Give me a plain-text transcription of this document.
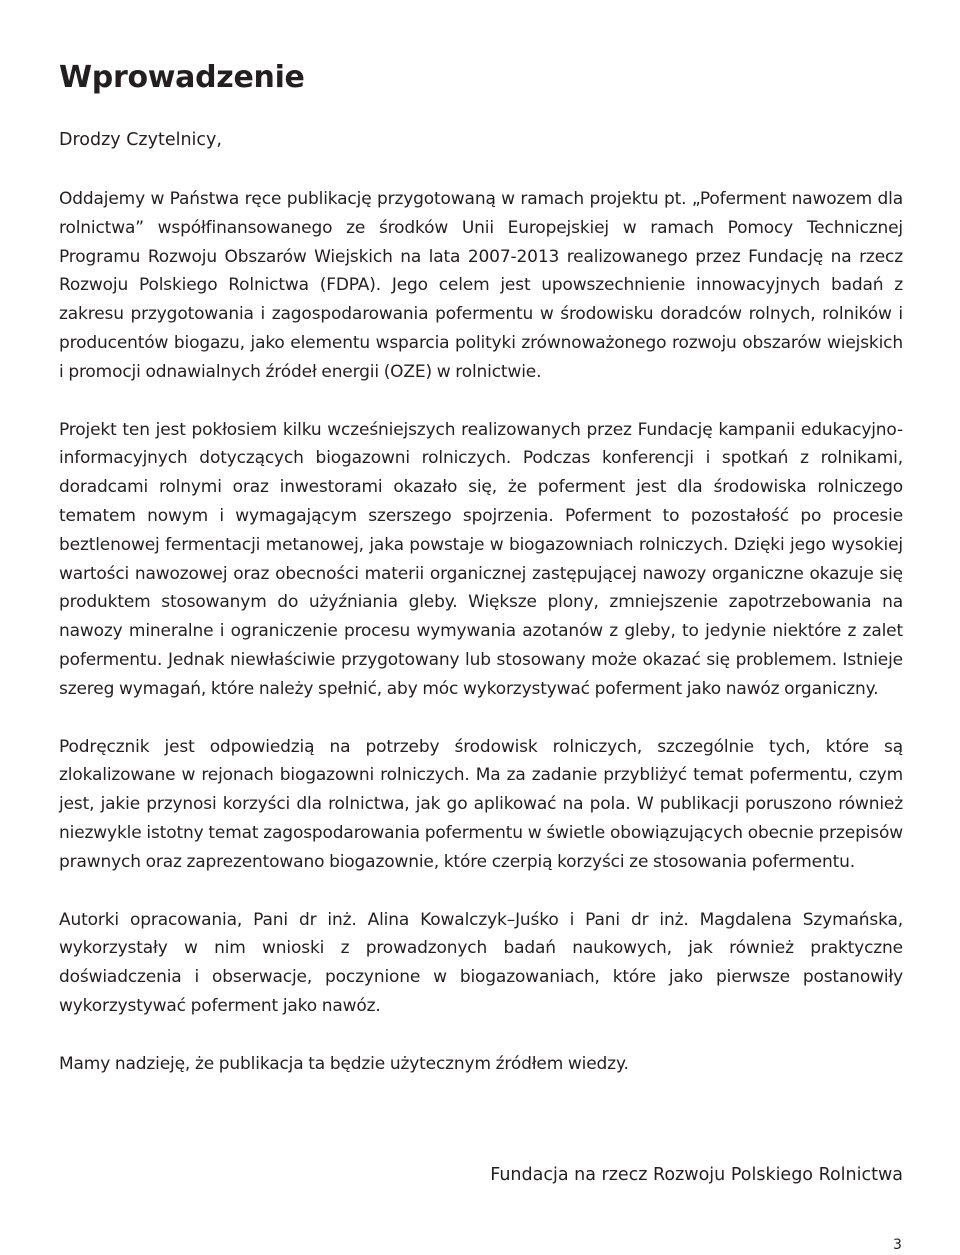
Wprowadzenie

Drodzy Czytelnicy,

Oddajemy w Państwa ręce publikację przygotowaną w ramach projektu pt. „Poferment nawozem dla rolnictwa” współfinansowanego ze środków Unii Europejskiej w ramach Pomocy Technicznej Programu Rozwoju Obszarów Wiejskich na lata 2007-2013 realizowanego przez Fundację na rzecz Rozwoju Polskiego Rolnictwa (FDPA). Jego celem jest upowszechnienie innowacyjnych badań z zakresu przygotowania i zagospodarowania pofermentu w środowisku doradców rolnych, rolników i producentów biogazu, jako elementu wsparcia polityki zrównoważonego rozwoju obszarów wiejskich i promocji odnawialnych źródeł energii (OZE) w rolnictwie.

Projekt ten jest pokłosiem kilku wcześniejszych realizowanych przez Fundację kampanii edukacyjno-informacyjnych dotyczących biogazowni rolniczych. Podczas konferencji i spotkań z rolnikami, doradcami rolnymi oraz inwestorami okazało się, że poferment jest dla środowiska rolniczego tematem nowym i wymagającym szerszego spojrzenia. Poferment to pozostałość po procesie beztlenowej fermentacji metanowej, jaka powstaje w biogazowniach rolniczych. Dzięki jego wysokiej wartości nawozowej oraz obecności materii organicznej zastępującej nawozy organiczne okazuje się produktem stosowanym do użyźniania gleby. Większe plony, zmniejszenie zapotrzebowania na nawozy mineralne i ograniczenie procesu wymywania azotanów z gleby, to jedynie niektóre z zalet pofermentu. Jednak niewłaściwie przygotowany lub stosowany może okazać się problemem. Istnieje szereg wymagań, które należy spełnić, aby móc wykorzystywać poferment jako nawóz organiczny.

Podręcznik jest odpowiedzią na potrzeby środowisk rolniczych, szczególnie tych, które są zlokalizowane w rejonach biogazowni rolniczych. Ma za zadanie przybliżyć temat pofermentu, czym jest, jakie przynosi korzyści dla rolnictwa, jak go aplikować na pola. W publikacji poruszono również niezwykle istotny temat zagospodarowania pofermentu w świetle obowiązujących obecnie przepisów prawnych oraz zaprezentowano biogazownie, które czerpią korzyści ze stosowania pofermentu.

Autorki opracowania, Pani dr inż. Alina Kowalczyk–Juśko i Pani dr inż. Magdalena Szymańska, wykorzystały w nim wnioski z prowadzonych badań naukowych, jak również praktyczne doświadczenia i obserwacje, poczynione w biogazowaniach, które jako pierwsze postanowiły wykorzystywać poferment jako nawóz.

Mamy nadzieję, że publikacja ta będzie użytecznym źródłem wiedzy.

Fundacja na rzecz Rozwoju Polskiego Rolnictwa

3
